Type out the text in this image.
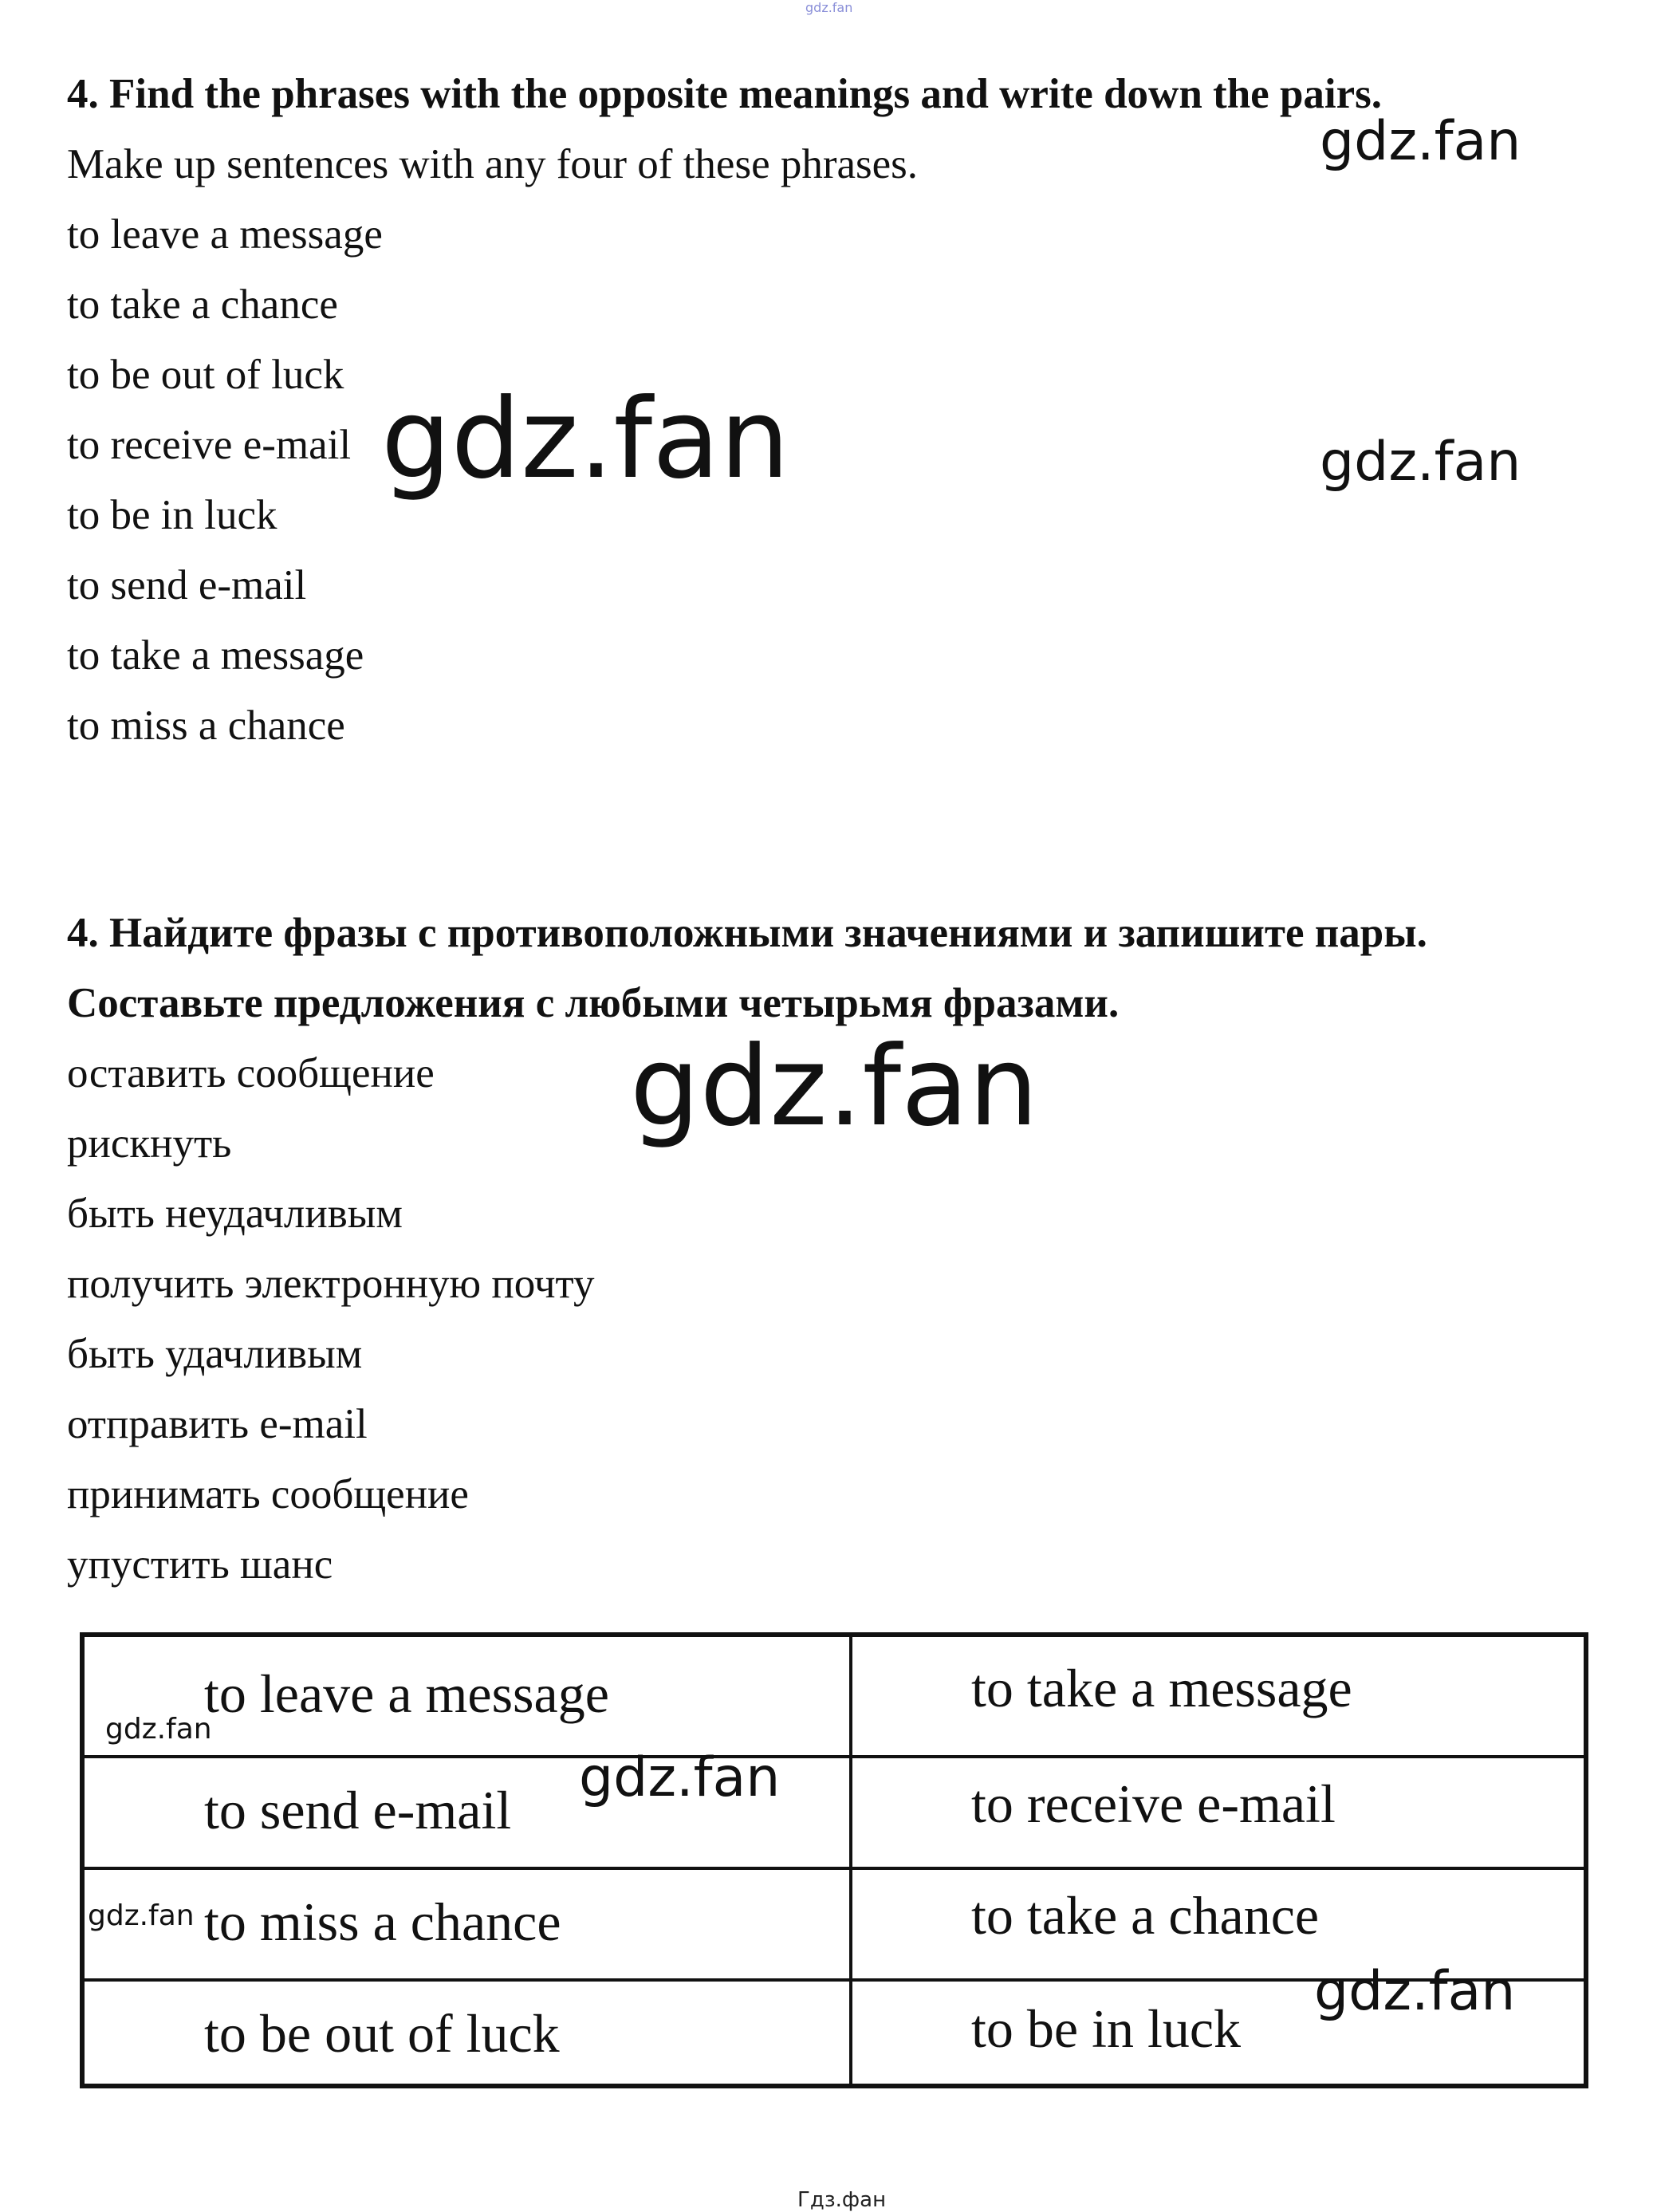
gdz.fan
4. Find the phrases with the opposite meanings and write down the pairs.
Make up sentences with any four of these phrases.
to leave a message
to take a chance
to be out of luck
to receive e-mail
to be in luck
to send e-mail
to take a message
to miss a chance
4. Найдите фразы с противоположными значениями и запишите пары.
Составьте предложения с любыми четырьмя фразами.
оставить сообщение
рискнуть
быть неудачливым
получить электронную почту
быть удачливым
отправить e-mail
принимать сообщение
упустить шанс
to leave a message	to take a message
to send e-mail	to receive e-mail
to miss a chance	to take a chance
to be out of luck	to be in luck
gdz.fan
gdz.fan	gdz.fan
gdz.fan
gdz.fan
gdz.fan
gdz.fan
gdz.fan
Гдз.фан
